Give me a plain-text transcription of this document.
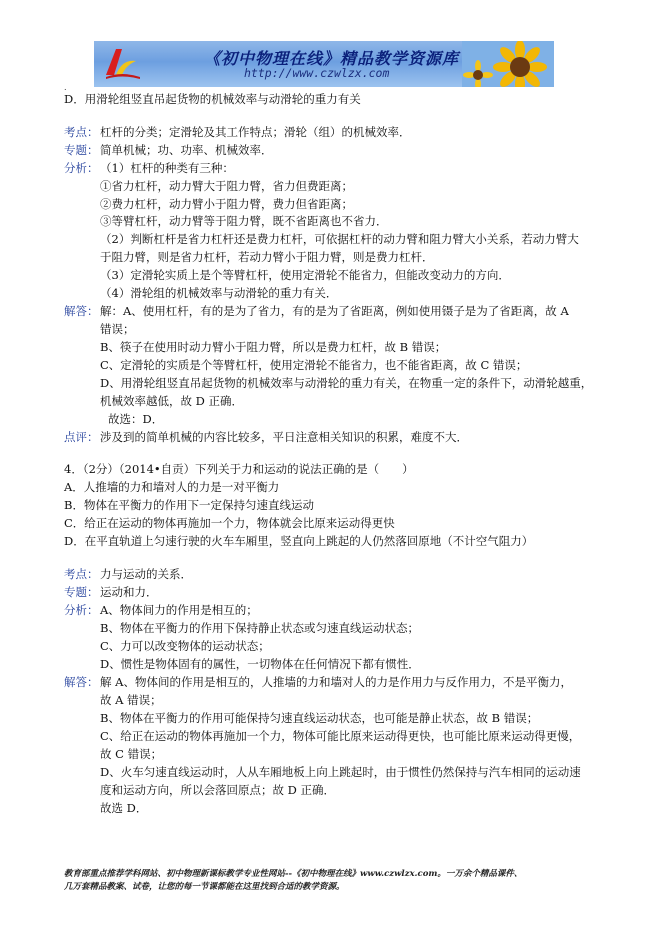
《初中物理在线》精品教学资源库
http://www.czwlzx.com
.
D．用滑轮组竖直吊起货物的机械效率与动滑轮的重力有关
考点： 杠杆的分类；定滑轮及其工作特点；滑轮（组）的机械效率．
专题： 简单机械；功、功率、机械效率．
分析： （1）杠杆的种类有三种：
①省力杠杆，动力臂大于阻力臂，省力但费距离；
②费力杠杆，动力臂小于阻力臂，费力但省距离；
③等臂杠杆，动力臂等于阻力臂，既不省距离也不省力．
（2）判断杠杆是省力杠杆还是费力杠杆，可依据杠杆的动力臂和阻力臂大小关系，若动力臂大
于阻力臂，则是省力杠杆，若动力臂小于阻力臂，则是费力杠杆．
（3）定滑轮实质上是个等臂杠杆，使用定滑轮不能省力，但能改变动力的方向．
（4）滑轮组的机械效率与动滑轮的重力有关．
解答： 解：A、使用杠杆，有的是为了省力，有的是为了省距离，例如使用镊子是为了省距离，故 A
错误；
B、筷子在使用时动力臂小于阻力臂，所以是费力杠杆，故 B 错误；
C、定滑轮的实质是个等臂杠杆，使用定滑轮不能省力，也不能省距离，故 C 错误；
D、用滑轮组竖直吊起货物的机械效率与动滑轮的重力有关，在物重一定的条件下，动滑轮越重，
机械效率越低，故 D 正确．
故选：D．
点评： 涉及到的简单机械的内容比较多，平日注意相关知识的积累，难度不大．
4．（2分）（2014•自贡）下列关于力和运动的说法正确的是（　　）
A．人推墙的力和墙对人的力是一对平衡力
B．物体在平衡力的作用下一定保持匀速直线运动
C．给正在运动的物体再施加一个力，物体就会比原来运动得更快
D．在平直轨道上匀速行驶的火车车厢里，竖直向上跳起的人仍然落回原地（不计空气阻力）
考点： 力与运动的关系．
专题： 运动和力．
分析： A、物体间力的作用是相互的；
B、物体在平衡力的作用下保持静止状态或匀速直线运动状态；
C、力可以改变物体的运动状态；
D、惯性是物体固有的属性，一切物体在任何情况下都有惯性．
解答： 解 A、物体间的作用是相互的，人推墙的力和墙对人的力是作用力与反作用力，不是平衡力，
故 A 错误；
B、物体在平衡力的作用可能保持匀速直线运动状态，也可能是静止状态，故 B 错误；
C、给正在运动的物体再施加一个力，物体可能比原来运动得更快，也可能比原来运动得更慢，
故 C 错误；
D、火车匀速直线运动时，人从车厢地板上向上跳起时，由于惯性仍然保持与汽车相同的运动速
度和运动方向，所以会落回原点；故 D 正确．
故选 D．
教育部重点推荐学科网站、初中物理新课标教学专业性网站--《初中物理在线》www.czwlzx.com。一万余个精品课件、
几万套精品教案、试卷，让您的每一节课都能在这里找到合适的教学资源。
